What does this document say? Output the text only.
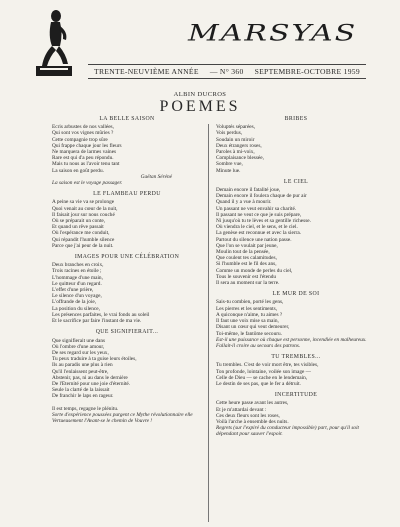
MARSYAS
TRENTE-NEUVIÈME ANNÉE — N° 360 SEPTEMBRE-OCTOBRE 1959
ALBIN DUCROS
POEMES
LA BELLE SAISON
Ecris arbustes de nos vallées,
Qui sont vos vignes mûries ?
Cette compagnie trop sûre
Qui frappe chaque jour les fleurs
Ne marquera de larmes vaines
Rare est qui d'a peu répondu.
Mais tu nous as l'avoir tenu tant
La saison en goût perdu.
Gaëtan Séréné
La saison est le voyage passager.
LE FLAMBEAU PERDU
A peine sa vie va se prolonge
Quoi venait au cœur de la nuit,
Il faisait jour sur nous couché
Où se préparait un conte,
Et quand un rêve passait
Où l'espérance me conduit,
Qui répandit l'humble silence
Parce que j'ai peur de la nuit.
IMAGES POUR UNE CÉLÉBRATION
Deux branches en croix,
Trois racines en étoile ;
L'hommage d'une main,
Le quitteur d'un regard.
L'effet d'une prière,
Le silence d'un voyage,
L'offrande de la joie,
La position du silence,
Les présences parfaites, le vrai fonds au soleil
Et le sacrifice par faire l'instant de ma vie.
QUE SIGNIFIERAIT...
Que signifierait une dans
Où l'ombre d'une amour,
De ses regard sur les yeux,
Tu peux traduire à ta guise leurs étoiles,
Ils au paradis une plus à rien
Qu'il l'enlaissent peut-être,
Abstenir, pas, ni au dans le dernière
De l'Éternité pour une joie d'éternité.
Seule la clarté de la laissait
De franchir le laps en rageur.

Il est temps, regagne le plénitu.
Sorte d'expérience poussées purgent ce Mythe révolutionnaire elle Vertueusement l'Avant-se le chemin de Vouvre !
BRIBES
Voluptés séparées,
Vois perdus,
Soudain un miroir
Deux étrangers roses,
Paroles à mi-voix,
Complaisance blessée,
Sombre vue,
Minute lue.
LE CIEL
Demain encore il fatalité joue,
Demain encore il foulera chaque de pur air
Quand il y a vue à mourir.
Un passant ne veut envahir sa charité.
Il passant ne veut ce que je suis prépare,
Ni jusqu'où tu te lèves et sa gentille richesse.
Où viendra le ciel, et le sens, et le ciel.
La genèse est reconnue et avec la sierra.
Partout du silence une nation passe.
Que l'on se voulait par jeune,
Moulin tout de la pensée,
Que coulent tes calamitudes,
Si l'humble est le fil des ans,
Comme un monde de perles du ciel,
Tous le souvenir est l'étendu
Il sera au moment sur la terre.
LE MUR DE SOI
Sais-tu combien, porté les gens,
Les pierres et les sentiments,
A quiconque n'aime, tu aimes ?
Il faut une voix mise sa main,
Disant un cœur qui veut demeurer,
Toi-même, le fantôme secouru.
Est-il une puissance où chaque est personne, incendiée en malheureux. Fallait-il croire au secours des patrons.
TU TREMBLES...
Tu trembles. C'est de voir mort être, tes visibles,
Ton profonde, lointaine, voilée son image —
Celle de Dieu — se cache en le lendemain,
Le destin de ses pas, que le fer a détruit.
INCERTITUDE
Cette heure passe avant les autres,
Et je m'attardai devant :
Ces deux fleurs sont les roses,
Voilà l'arche à ensemble des nuits.
Regrets (sur l'expiré du conducteur impossible) part, pour qu'il soit dépendant pour sauver l'espoir.
